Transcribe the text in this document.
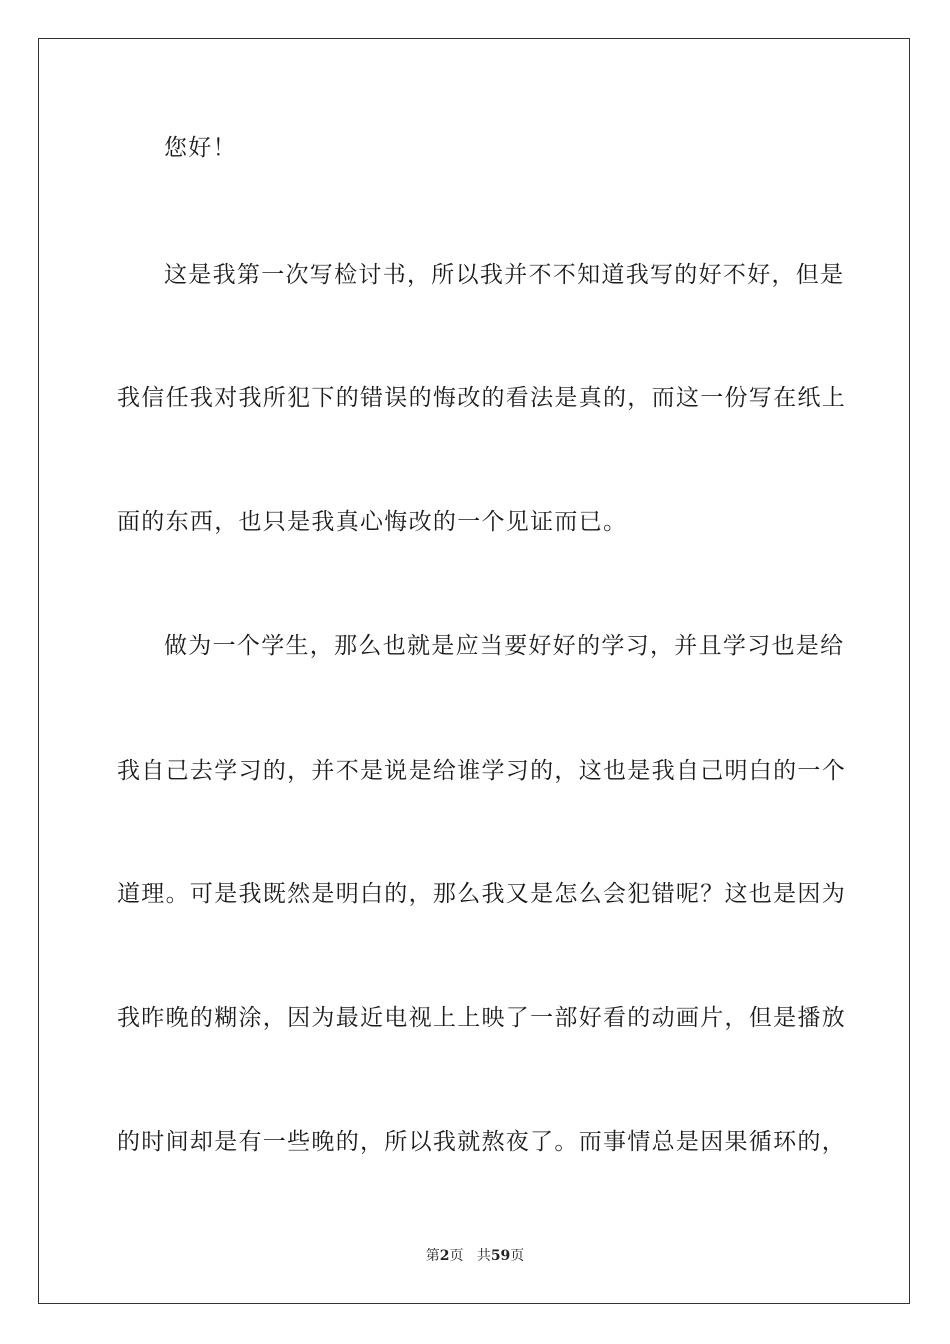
您好！
这是我第一次写检讨书，所以我并不不知道我写的好不好，但是
我信任我对我所犯下的错误的悔改的看法是真的，而这一份写在纸上
面的东西，也只是我真心悔改的一个见证而已。
做为一个学生，那么也就是应当要好好的学习，并且学习也是给
我自己去学习的，并不是说是给谁学习的，这也是我自己明白的一个
道理。可是我既然是明白的，那么我又是怎么会犯错呢？这也是因为
我昨晚的糊涂，因为最近电视上上映了一部好看的动画片，但是播放
的时间却是有一些晚的，所以我就熬夜了。而事情总是因果循环的，
第2页 共59页
